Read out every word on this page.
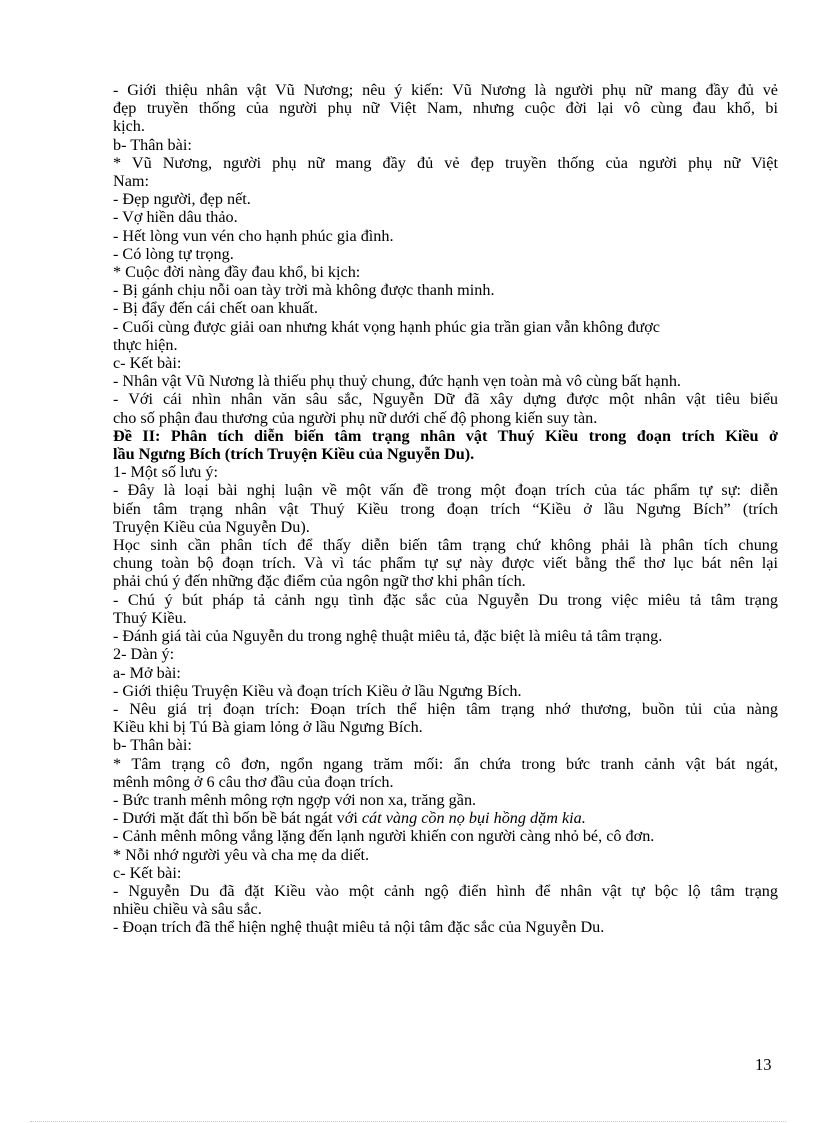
- Giới thiệu nhân vật Vũ Nương; nêu ý kiến: Vũ Nương là người phụ nữ mang đầy đủ vẻ
đẹp truyền thống của người phụ nữ Việt Nam, nhưng cuộc đời lại vô cùng đau khổ, bi
kịch.
b- Thân bài:
* Vũ Nương, người phụ nữ mang đầy đủ vẻ đẹp truyền thống của người phụ nữ Việt
Nam:
- Đẹp người, đẹp nết.
- Vợ hiền dâu thảo.
- Hết lòng vun vén cho hạnh phúc gia đình.
- Có lòng tự trọng.
* Cuộc đời nàng đầy đau khổ, bi kịch:
- Bị gánh chịu nỗi oan tày trời mà không được thanh minh.
- Bị đẩy đến cái chết oan khuất.
- Cuối cùng được giải oan nhưng khát vọng hạnh phúc gia trần gian vẫn không được
thực hiện.
c- Kết bài:
- Nhân vật Vũ Nương là thiếu phụ thuỷ chung, đức hạnh vẹn toàn mà vô cùng bất hạnh.
- Với cái nhìn nhân văn sâu sắc, Nguyễn Dữ đã xây dựng được một nhân vật tiêu biểu
cho số phận đau thương của người phụ nữ dưới chế độ phong kiến suy tàn.
Đề II: Phân tích diễn biến tâm trạng nhân vật Thuý Kiều trong đoạn trích Kiều ở
lầu Ngưng Bích (trích Truyện Kiều của Nguyễn Du).
1- Một số lưu ý:
- Đây là loại bài nghị luận về một vấn đề trong một đoạn trích của tác phẩm tự sự: diễn
biến tâm trạng nhân vật Thuý Kiều trong đoạn trích “Kiều ở lầu Ngưng Bích” (trích
Truyện Kiều của Nguyễn Du).
Học sinh cần phân tích để thấy diễn biến tâm trạng chứ không phải là phân tích chung
chung toàn bộ đoạn trích. Và vì tác phẩm tự sự này được viết bằng thể thơ lục bát nên lại
phải chú ý đến những đặc điểm của ngôn ngữ thơ khi phân tích.
- Chú ý bút pháp tả cảnh ngụ tình đặc sắc của Nguyễn Du trong việc miêu tả tâm trạng
Thuý Kiều.
- Đánh giá tài của Nguyễn du trong nghệ thuật miêu tả, đặc biệt là miêu tả tâm trạng.
2- Dàn ý:
a- Mở bài:
- Giới thiệu Truyện Kiều và đoạn trích Kiều ở lầu Ngưng Bích.
- Nêu giá trị đoạn trích: Đoạn trích thể hiện tâm trạng nhớ thương, buồn tủi của nàng
Kiều khi bị Tú Bà giam lỏng ở lầu Ngưng Bích.
b- Thân bài:
* Tâm trạng cô đơn, ngổn ngang trăm mối: ẩn chứa trong bức tranh cảnh vật bát ngát,
mênh mông ở 6 câu thơ đầu của đoạn trích.
- Bức tranh mênh mông rợn ngợp với non xa, trăng gần.
- Dưới mặt đất thì bốn bề bát ngát với cát vàng cồn nọ bụi hồng dặm kia.
- Cảnh mênh mông vắng lặng đến lạnh người khiến con người càng nhỏ bé, cô đơn.
* Nỗi nhớ người yêu và cha mẹ da diết.
c- Kết bài:
- Nguyễn Du đã đặt Kiều vào một cảnh ngộ điển hình để nhân vật tự bộc lộ tâm trạng
nhiều chiều và sâu sắc.
- Đoạn trích đã thể hiện nghệ thuật miêu tả nội tâm đặc sắc của Nguyễn Du.
13
